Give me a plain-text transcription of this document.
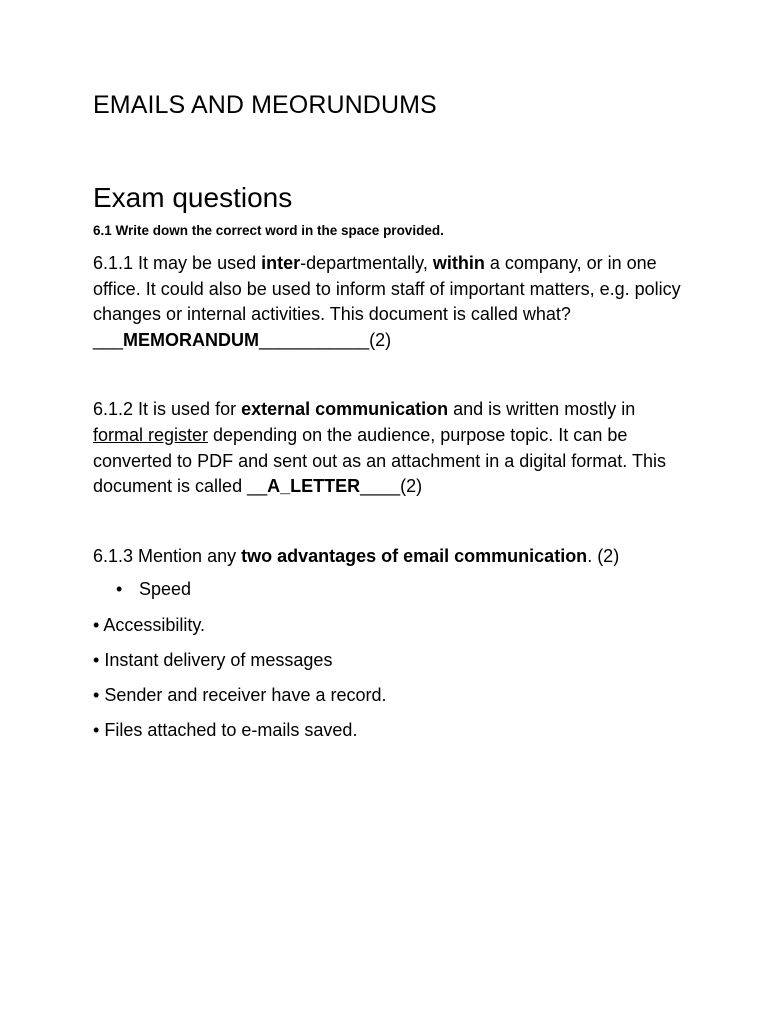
EMAILS AND MEORUNDUMS
Exam questions

6.1 Write down the correct word in the space provided.

6.1.1 It may be used inter-departmentally, within a company, or in one office. It could also be used to inform staff of important matters, e.g. policy changes or internal activities. This document is called what? ___MEMORANDUM___________(2)

6.1.2 It is used for external communication and is written mostly in formal register depending on the audience, purpose topic. It can be converted to PDF and sent out as an attachment in a digital format. This document is called __A_LETTER____(2)

6.1.3 Mention any two advantages of email communication. (2)

• Speed
• Accessibility.
• Instant delivery of messages
• Sender and receiver have a record.
• Files attached to e-mails saved.
